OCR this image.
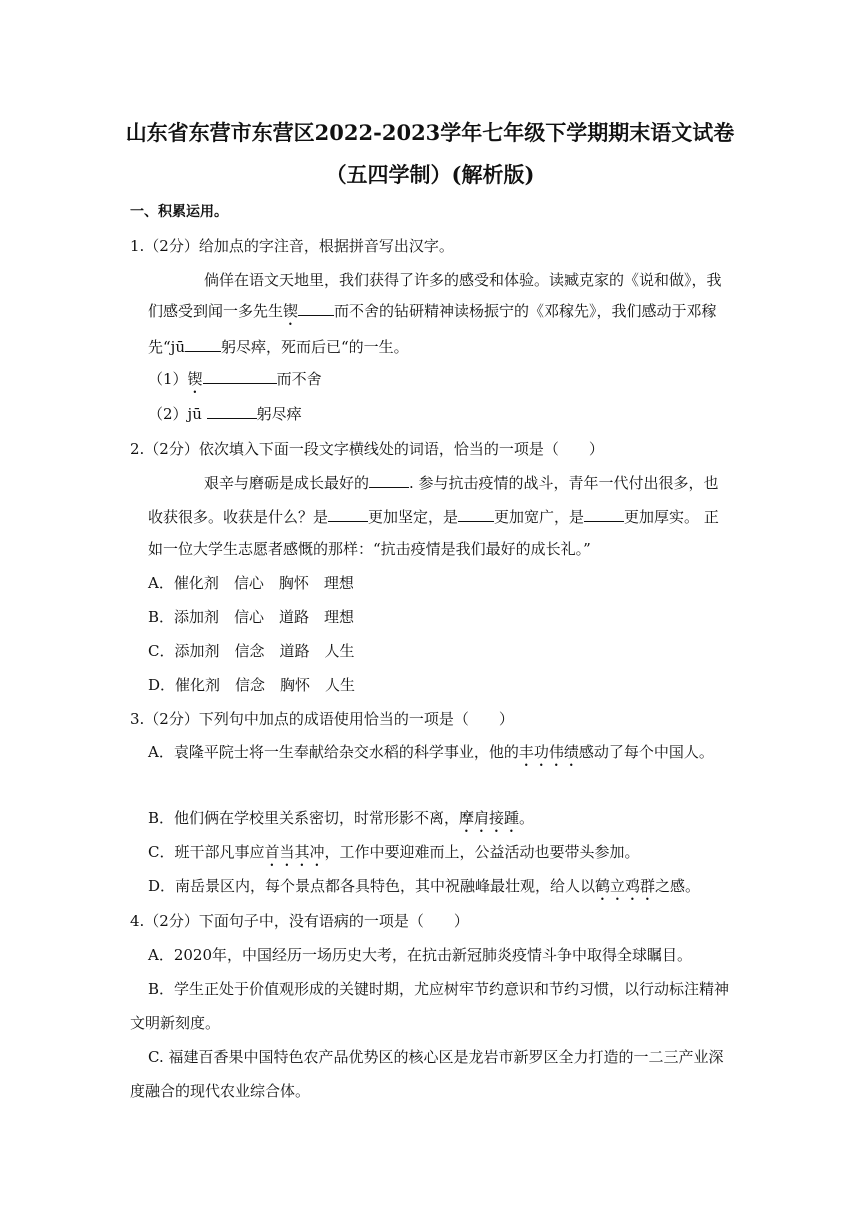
山东省东营市东营区2022-2023学年七年级下学期期末语文试卷
（五四学制）(解析版)
一、积累运用。
1.（2分）给加点的字注音，根据拼音写出汉字。
倘佯在语文天地里，我们获得了许多的感受和体验。读臧克家的《说和做》，我
们感受到闻一多先生锲 而不舍的钻研精神读杨振宁的《邓稼先》，我们感动于邓稼
先“jū 躬尽瘁，死而后已“的一生。
（1）锲	而不舍
（2）jū	躬尽瘁
2.（2分）依次填入下面一段文字横线处的词语，恰当的一项是（　　）
艰辛与磨砺是成长最好的	. 参与抗击疫情的战斗，青年一代付出很多，也
收获很多。收获是什么？是	更加坚定，是 更加宽广，是	更加厚实。 正
如一位大学生志愿者感慨的那样：“抗击疫情是我们最好的成长礼。”
A．催化剂　信心　胸怀　理想
B．添加剂　信心　道路　理想
C．添加剂　信念　道路　人生
D．催化剂　信念　胸怀　人生
3.（2分）下列句中加点的成语使用恰当的一项是（　　）
A．袁隆平院士将一生奉献给杂交水稻的科学事业，他的丰功伟绩感动了每个中国人。
B．他们俩在学校里关系密切，时常形影不离，摩肩接踵。
C．班干部凡事应首当其冲，工作中要迎难而上，公益活动也要带头参加。
D．南岳景区内，每个景点都各具特色，其中祝融峰最壮观，给人以鹤立鸡群之感。
4.（2分）下面句子中，没有语病的一项是（　　）
A．2020年，中国经历一场历史大考，在抗击新冠肺炎疫情斗争中取得全球瞩目。
B．学生正处于价值观形成的关键时期，尤应树牢节约意识和节约习惯，以行动标注精神
文明新刻度。
C. 福建百香果中国特色农产品优势区的核心区是龙岩市新罗区全力打造的一二三产业深
度融合的现代农业综合体。
